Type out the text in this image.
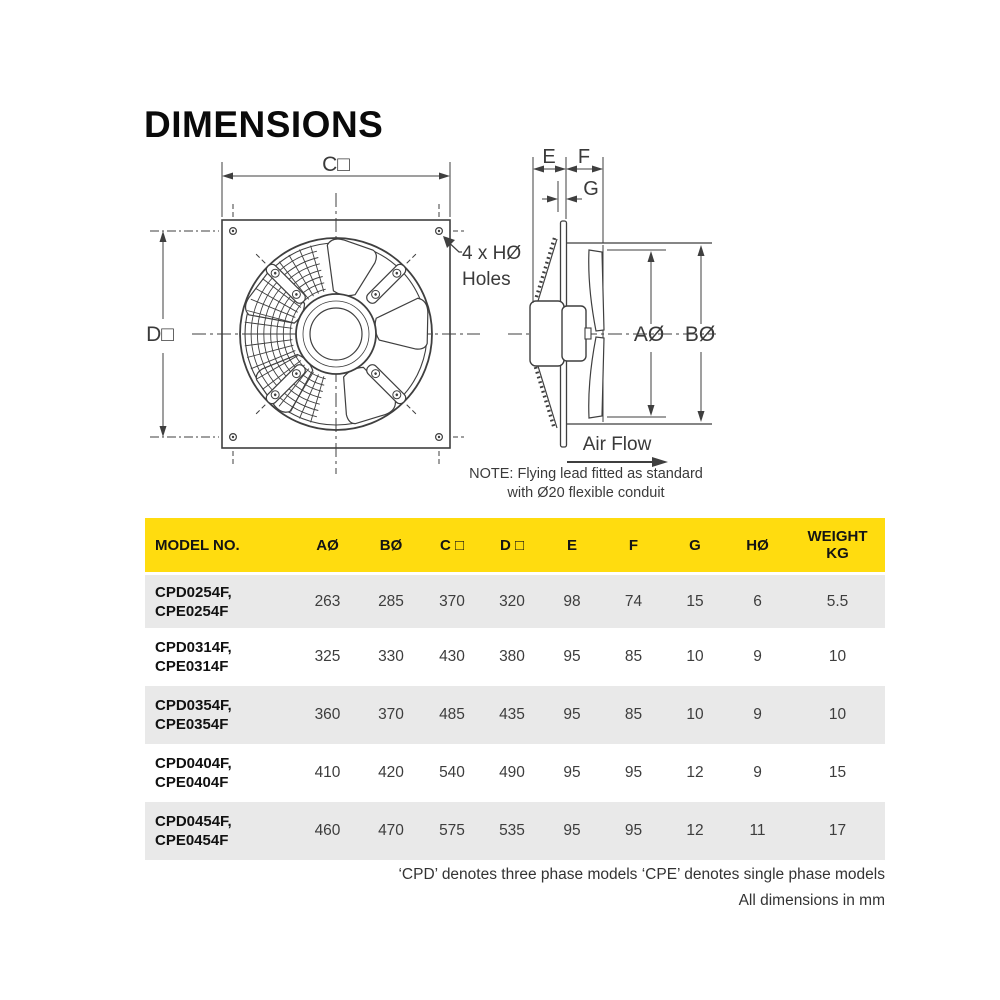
DIMENSIONS
C□
D□
4 x HØ
Holes
E F
G
AØ BØ
Air Flow
NOTE: Flying lead fitted as standard
with Ø20 flexible conduit
MODEL NO.	AØ	BØ	C □	D □	E	F	G	HØ	WEIGHT KG
CPD0254F, CPE0254F
263	285	370	320	98	74	15	6	5.5
CPD0314F, CPE0314F
325	330	430	380	95	85	10	9	10
CPD0354F, CPE0354F
360	370	485	435	95	85	10	9	10
CPD0404F, CPE0404F
410	420	540	490	95	95	12	9	15
CPD0454F, CPE0454F
460	470	575	535	95	95	12	11	17
‘CPD’ denotes three phase models ‘CPE’ denotes single phase models
All dimensions in mm
